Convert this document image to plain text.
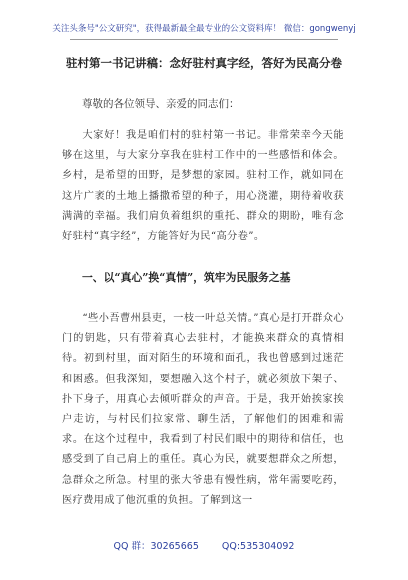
关注头条号"公文研究"，获得最新最全最专业的公文资料库！ 微信：gongwenyj
驻村第一书记讲稿：念好驻村真字经，答好为民高分卷
尊敬的各位领导、亲爱的同志们：

大家好！我是咱们村的驻村第一书记。非常荣幸今天能够在这里，与大家分享我在驻村工作中的一些感悟和体会。乡村，是希望的田野，是梦想的家园。驻村工作，就如同在这片广袤的土地上播撒希望的种子，用心浇灌，期待着收获满满的幸福。我们肩负着组织的重托、群众的期盼，唯有念好驻村“真字经”，方能答好为民“高分卷”。

一、以“真心”换“真情”，筑牢为民服务之基

“些小吾曹州县吏，一枝一叶总关情。”真心是打开群众心门的钥匙，只有带着真心去驻村，才能换来群众的真情相待。初到村里，面对陌生的环境和面孔，我也曾感到过迷茫和困惑。但我深知，要想融入这个村子，就必须放下架子、扑下身子，用真心去倾听群众的声音。于是，我开始挨家挨户走访，与村民们拉家常、聊生活，了解他们的困难和需求。在这个过程中，我看到了村民们眼中的期待和信任，也感受到了自己肩上的重任。真心为民，就要想群众之所想，急群众之所急。村里的张大爷患有慢性病，常年需要吃药，医疗费用成了他沉重的负担。了解到这一

QQ 群：30265665 QQ:535304092
